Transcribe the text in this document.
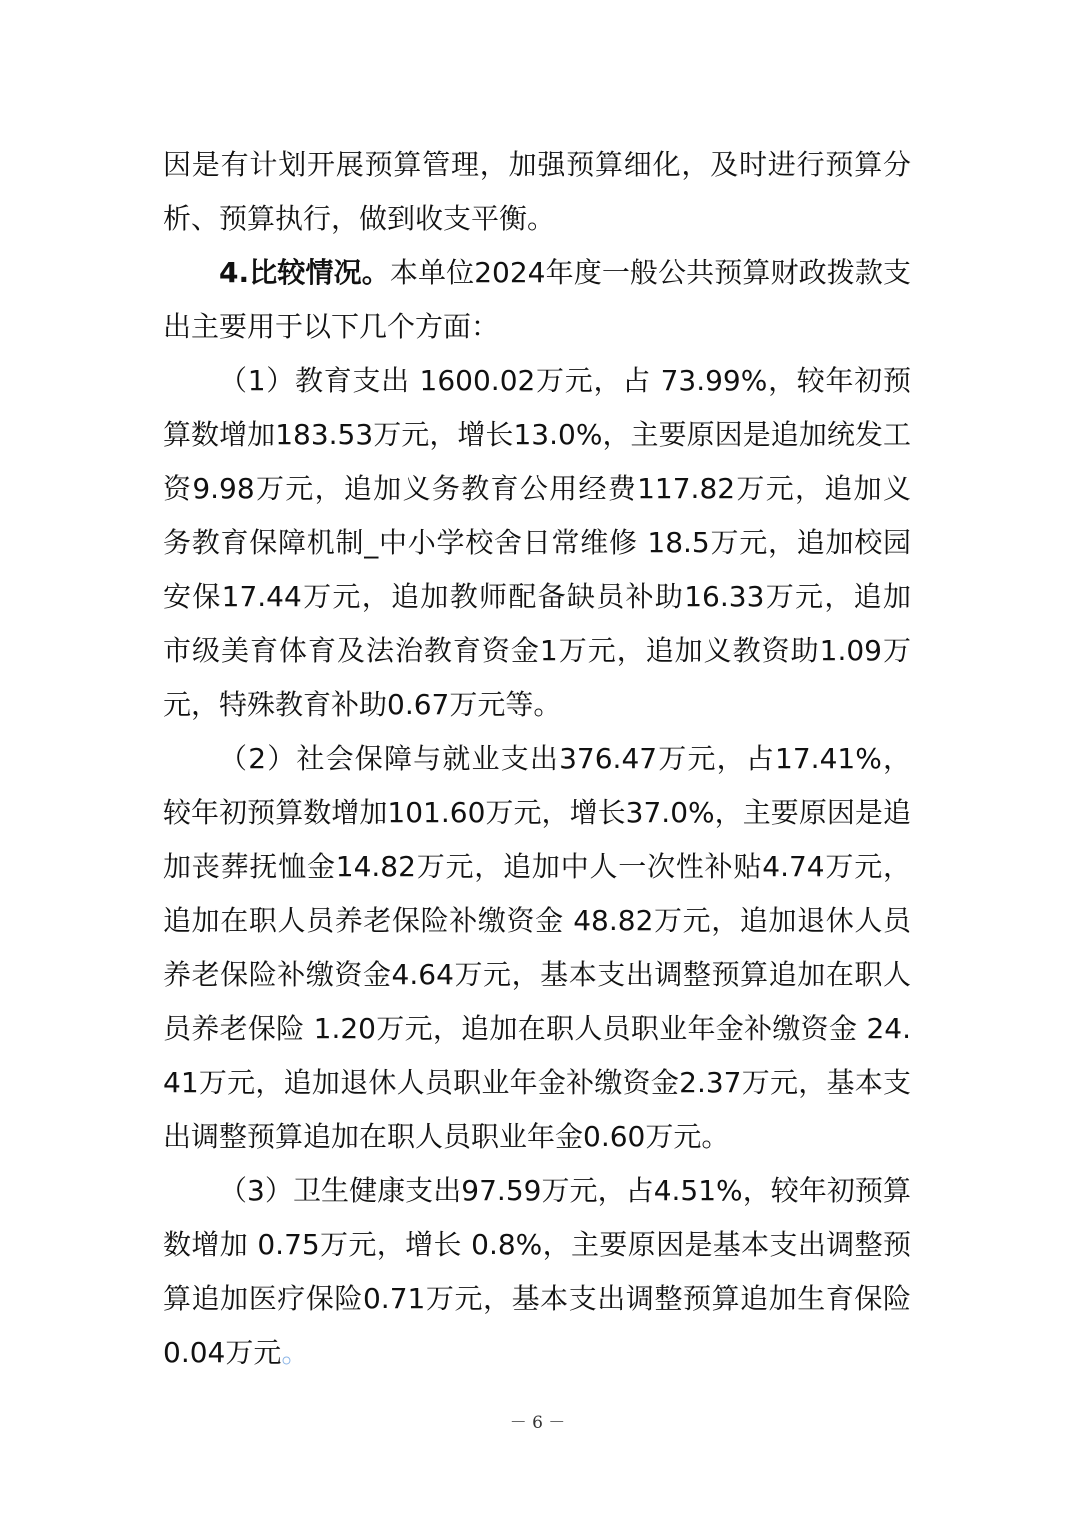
因是有计划开展预算管理，加强预算细化，及时进行预算分析、预算执行，做到收支平衡。

4.比较情况。本单位2024年度一般公共预算财政拨款支出主要用于以下几个方面：

（1）教育支出 1600.02万元，占 73.99%，较年初预算数增加183.53万元，增长13.0%，主要原因是追加统发工资9.98万元，追加义务教育公用经费117.82万元，追加义务教育保障机制_中小学校舍日常维修 18.5万元，追加校园安保17.44万元，追加教师配备缺员补助16.33万元，追加市级美育体育及法治教育资金1万元，追加义教资助1.09万元，特殊教育补助0.67万元等。

（2）社会保障与就业支出376.47万元，占17.41%，较年初预算数增加101.60万元，增长37.0%，主要原因是追加丧葬抚恤金14.82万元，追加中人一次性补贴4.74万元，追加在职人员养老保险补缴资金 48.82万元，追加退休人员养老保险补缴资金4.64万元，基本支出调整预算追加在职人员养老保险 1.20万元，追加在职人员职业年金补缴资金 24.41万元，追加退休人员职业年金补缴资金2.37万元，基本支出调整预算追加在职人员职业年金0.60万元。

（3）卫生健康支出97.59万元，占4.51%，较年初预算数增加 0.75万元，增长 0.8%，主要原因是基本支出调整预算追加医疗保险0.71万元，基本支出调整预算追加生育保险0.04万元。

－ 6 －
